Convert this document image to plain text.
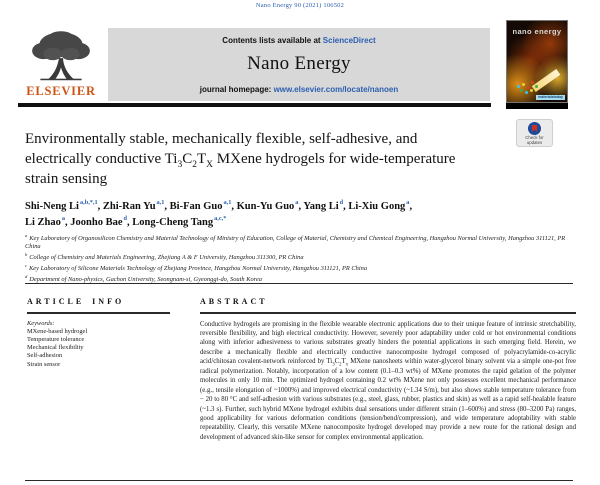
Nano Energy 90 (2021) 106502
ELSEVIER
Contents lists available at ScienceDirect
Nano Energy
journal homepage: www.elsevier.com/locate/nanoen
nano energy
materialstoday
Check for
updates
Environmentally stable, mechanically flexible, self-adhesive, and
electrically conductive $Ti_3C_2T_X$ MXene hydrogels for wide-temperature
strain sensing
Shi-Neng $Li^{a,b,*,1}$, Zhi-Ran Yu$^{a,1}$, Bi-Fan Guo$^{a,1}$, Kun-Yu Guo$^a$, Yang Li$^d$, Li-Xiu Gong$^a$,
Li Zhao$^a$, Joonho Bae$^d$, Long-Cheng Tang$^{a,c,*}$
$^a$ Key Laboratory of Organosilicon Chemistry and Material Technology of Ministry of Education, College of Material, Chemistry and Chemical Engineering, Hangzhou Normal University, Hangzhou 311121, PR China
$^b$ College of Chemistry and Materials Engineering, Zhejiang A & F University, Hangzhou 311300, PR China
$^c$ Key Laboratory of Silicone Materials Technology of Zhejiang Province, Hangzhou Normal University, Hangzhou 311121, PR China
$^d$ Department of Nano-physics, Gachon University, Seongnam-si, Gyeonggi-do, South Korea
ARTICLE INFO
Keywords:
MXene-based hydrogel
Temperature tolerance
Mechanical flexibility
Self-adhesion
Strain sensor
ABSTRACT
Conductive hydrogels are promising in the flexible wearable electronic applications due to their unique feature of intrinsic stretchability, reversible flexibility, and high electrical conductivity. However, severely poor adaptability under cold or hot environmental conditions along with inferior adhesiveness to various substrates greatly hinders the potential applications in such emerging field. Herein, we describe a mechanically flexible and electrically conductive nanocomposite hydrogel composed of polyacrylamide-co-acrylic acid/chitosan covalent-network reinforced by $Ti_3C_2T_x$ MXene nanosheets within water-glycerol binary solvent via a simple one-pot free radical polymerization. Notably, incorporation of a low content (0.1–0.3 wt%) of MXene promotes the rapid gelation of the polymer molecules in only 10 min. The optimized hydrogel containing 0.2 wt% MXene not only possesses excellent mechanical performance (e.g., tensile elongation of ~1000%) and improved electrical conductivity (~1.34 S/m), but also shows stable temperature tolerance from − 20 to 80 °C and self-adhesion with various substrates (e.g., steel, glass, rubber, plastics and skin) as well as a rapid self-healable feature (~1.3 s). Further, such hybrid MXene hydrogel exhibits dual sensations under different strain (1–600%) and stress (80–3200 Pa) ranges, good applicability for various deformation conditions (tension/bend/compression), and wide temperature adoptability with stable repeatability. Clearly, this versatile MXene nanocomposite hydrogel developed may provide a new route for the rational design and development of advanced skin-like sensor for complex environmental application.
